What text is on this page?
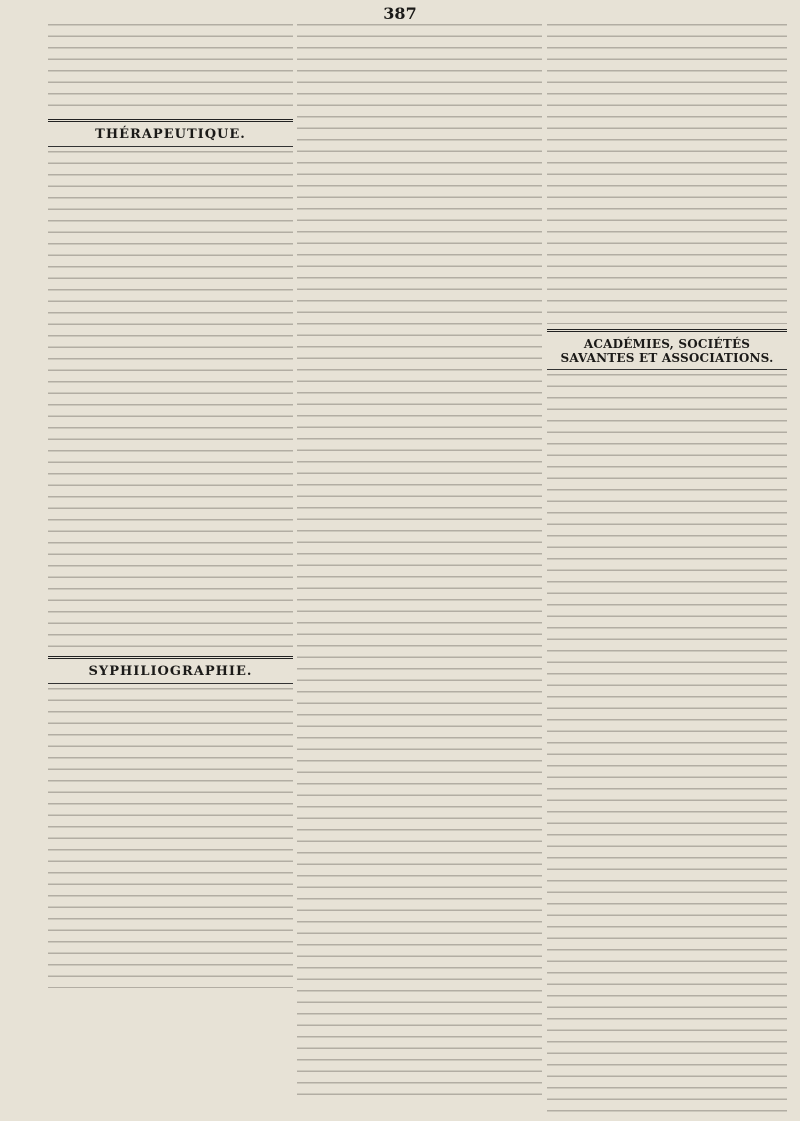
387
THÉRAPEUTIQUE.
SYPHILIOGRAPHIE.
ACADÉMIES, SOCIÉTÉS SAVANTES ET ASSOCIATIONS.
